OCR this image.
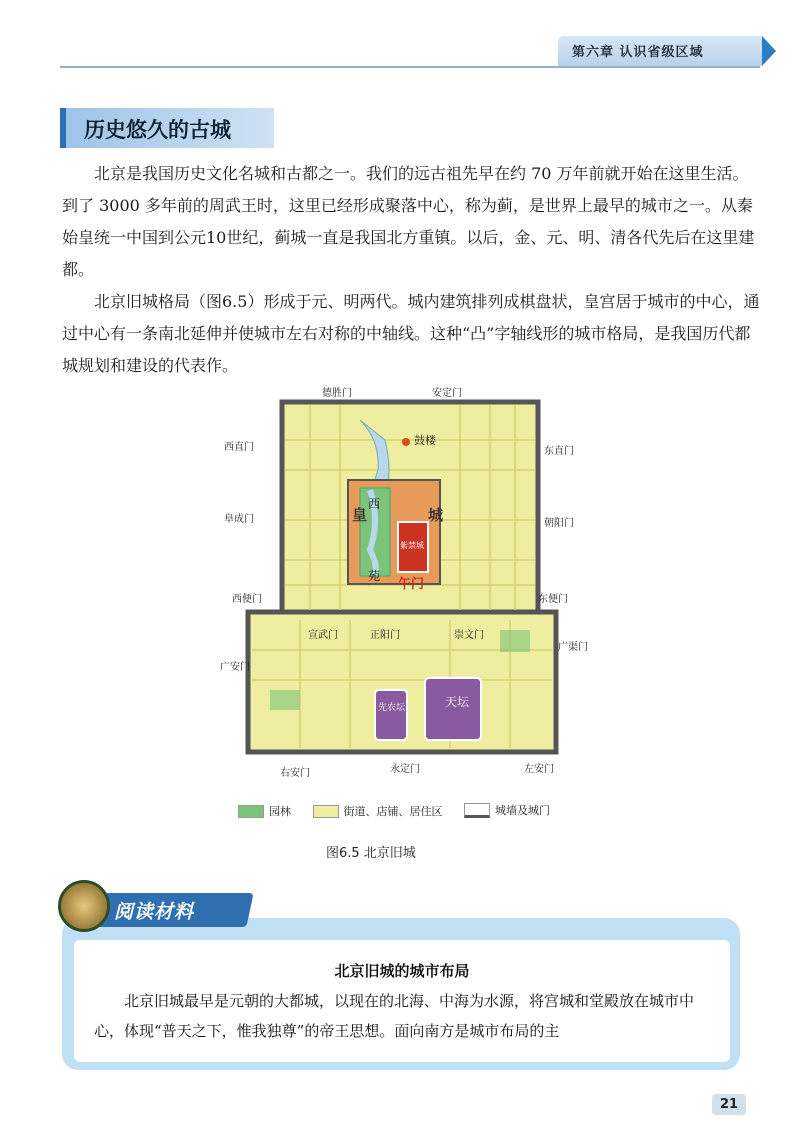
第六章 认识省级区域
历史悠久的古城
北京是我国历史文化名城和古都之一。我们的远古祖先早在约 70 万年前就开始在这里生活。到了 3000 多年前的周武王时，这里已经形成聚落中心，称为蓟，是世界上最早的城市之一。从秦始皇统一中国到公元10世纪，蓟城一直是我国北方重镇。以后，金、元、明、清各代先后在这里建都。
北京旧城格局（图6.5）形成于元、明两代。城内建筑排列成棋盘状，皇宫居于城市的中心，通过中心有一条南北延伸并使城市左右对称的中轴线。这种“凸”字轴线形的城市格局，是我国历代都城规划和建设的代表作。
鼓楼
皇	城
西
苑
紫禁城
午门
天坛
先农坛
德胜门	安定门
西直门	东直门
阜成门	朝阳门
西便门	东便门
宣武门	正阳门	崇文门
广安门
广渠门
右安门	永定门	左安门
园林
	街道、店铺、居住区
	城墙及城门
图6.5 北京旧城
阅读材料
北京旧城的城市布局
北京旧城最早是元朝的大都城，以现在的北海、中海为水源，将宫城和堂殿放在城市中心，体现“普天之下，惟我独尊”的帝王思想。面向南方是城市布局的主
21
